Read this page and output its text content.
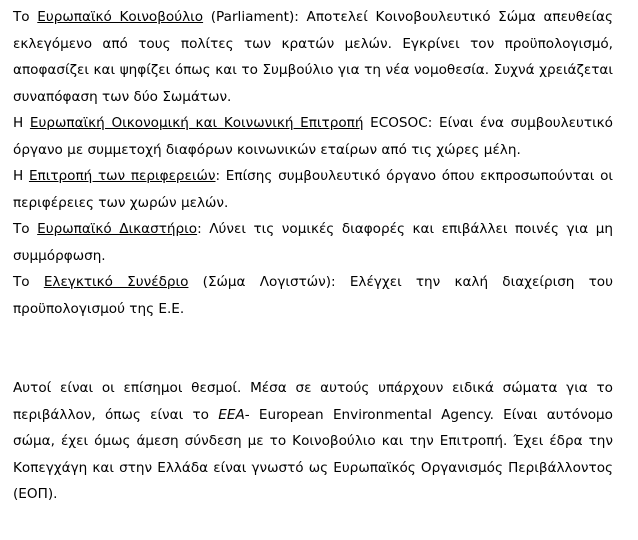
Το Ευρωπαϊκό Κοινοβούλιο (Parliament): Αποτελεί Κοινοβουλευτικό Σώμα απευθείας εκλεγόμενο από τους πολίτες των κρατών μελών. Εγκρίνει τον προϋπολογισμό, αποφασίζει και ψηφίζει όπως και το Συμβούλιο για τη νέα νομοθεσία. Συχνά χρειάζεται συναπόφαση των δύο Σωμάτων.

Η Ευρωπαϊκή Οικονομική και Κοινωνική Επιτροπή ECOSOC: Είναι ένα συμβουλευτικό όργανο με συμμετοχή διαφόρων κοινωνικών εταίρων από τις χώρες μέλη.

Η Επιτροπή των περιφερειών: Επίσης συμβουλευτικό όργανο όπου εκπροσωπούνται οι περιφέρειες των χωρών μελών.

Το Ευρωπαϊκό Δικαστήριο: Λύνει τις νομικές διαφορές και επιβάλλει ποινές για μη συμμόρφωση.

Το Ελεγκτικό Συνέδριο (Σώμα Λογιστών): Ελέγχει την καλή διαχείριση του προϋπολογισμού της Ε.Ε.

Αυτοί είναι οι επίσημοι θεσμοί. Μέσα σε αυτούς υπάρχουν ειδικά σώματα για το περιβάλλον, όπως είναι το EEA- European Environmental Agency. Είναι αυτόνομο σώμα, έχει όμως άμεση σύνδεση με το Κοινοβούλιο και την Επιτροπή. Έχει έδρα την Κοπεγχάγη και στην Ελλάδα είναι γνωστό ως Ευρωπαϊκός Οργανισμός Περιβάλλοντος (ΕΟΠ).
